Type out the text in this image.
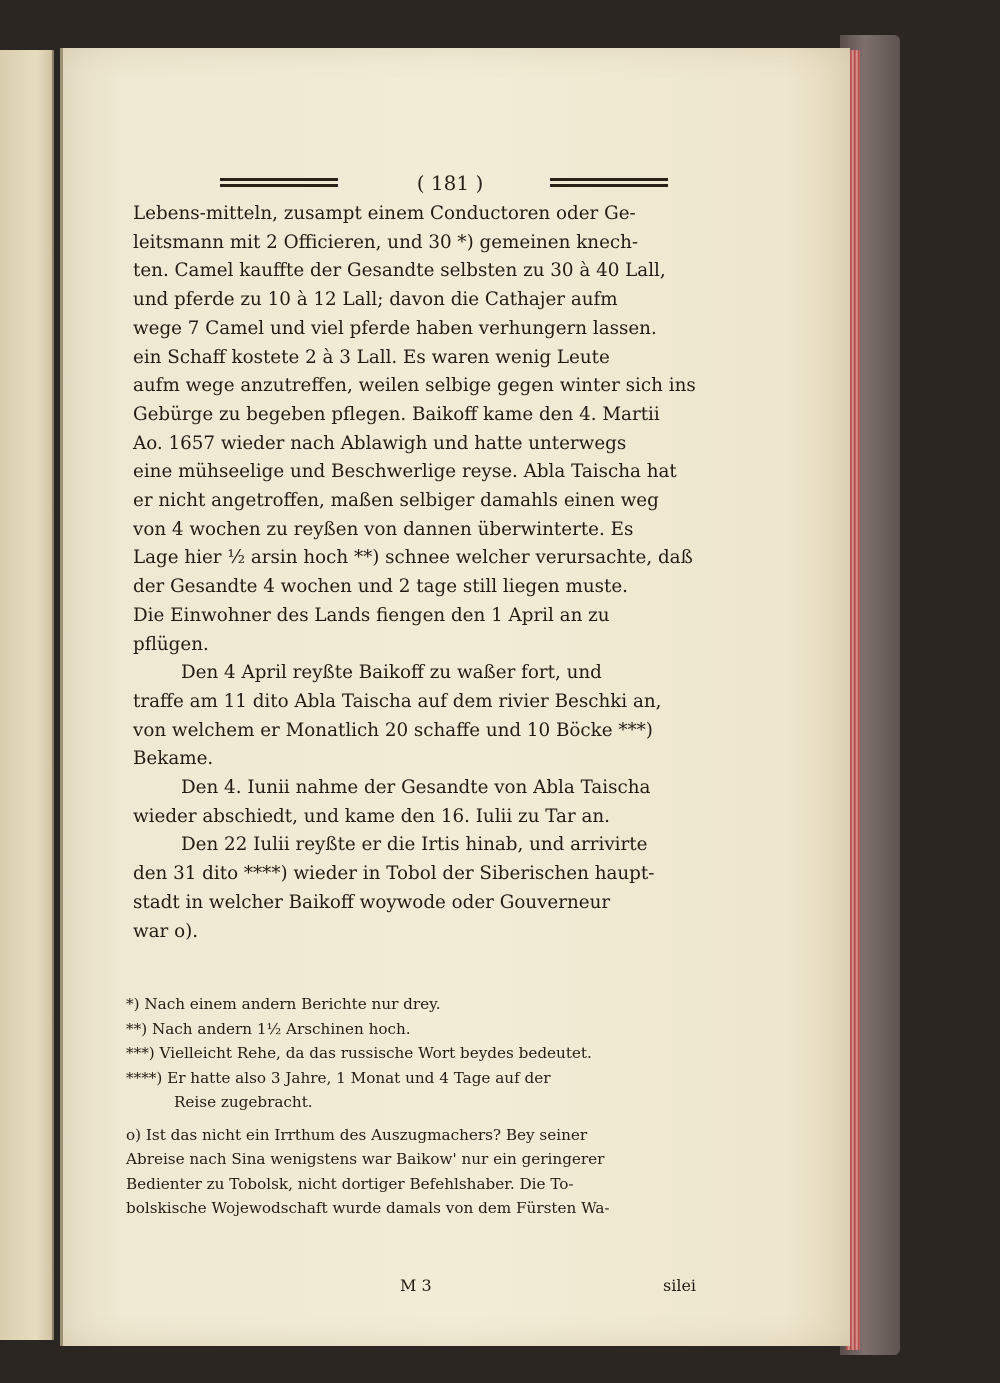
( 181 )
Lebens-mitteln, zusampt einem Conductoren oder Ge-
leitsmann mit 2 Officieren, und 30 *) gemeinen knech-
ten. Camel kauffte der Gesandte selbsten zu 30 à 40 Lall,
und pferde zu 10 à 12 Lall; davon die Cathajer aufm
wege 7 Camel und viel pferde haben verhungern lassen.
ein Schaff kostete 2 à 3 Lall. Es waren wenig Leute
aufm wege anzutreffen, weilen selbige gegen winter sich ins
Gebürge zu begeben pflegen. Baikoff kame den 4. Martii
Ao. 1657 wieder nach Ablawigh und hatte unterwegs
eine mühseelige und Beschwerlige reyse. Abla Taischa hat
er nicht angetroffen, maßen selbiger damahls einen weg
von 4 wochen zu reyßen von dannen überwinterte. Es
Lage hier ½ arsin hoch **) schnee welcher verursachte, daß
der Gesandte 4 wochen und 2 tage still liegen muste.
Die Einwohner des Lands fiengen den 1 April an zu
pflügen.
Den 4 April reyßte Baikoff zu waßer fort, und
traffe am 11 dito Abla Taischa auf dem rivier Beschki an,
von welchem er Monatlich 20 schaffe und 10 Böcke ***)
Bekame.
Den 4. Iunii nahme der Gesandte von Abla Taischa
wieder abschiedt, und kame den 16. Iulii zu Tar an.
Den 22 Iulii reyßte er die Irtis hinab, und arrivirte
den 31 dito ****) wieder in Tobol der Siberischen haupt-
stadt in welcher Baikoff woywode oder Gouverneur
war o).
*) Nach einem andern Berichte nur drey.
**) Nach andern 1½ Arschinen hoch.
***) Vielleicht Rehe, da das russische Wort beydes bedeutet.
****) Er hatte also 3 Jahre, 1 Monat und 4 Tage auf der
Reise zugebracht.
o) Ist das nicht ein Irrthum des Auszugmachers? Bey seiner
Abreise nach Sina wenigstens war Baikow' nur ein geringerer
Bedienter zu Tobolsk, nicht dortiger Befehlshaber. Die To-
bolskische Wojewodschaft wurde damals von dem Fürsten Wa-
M 3	silei
